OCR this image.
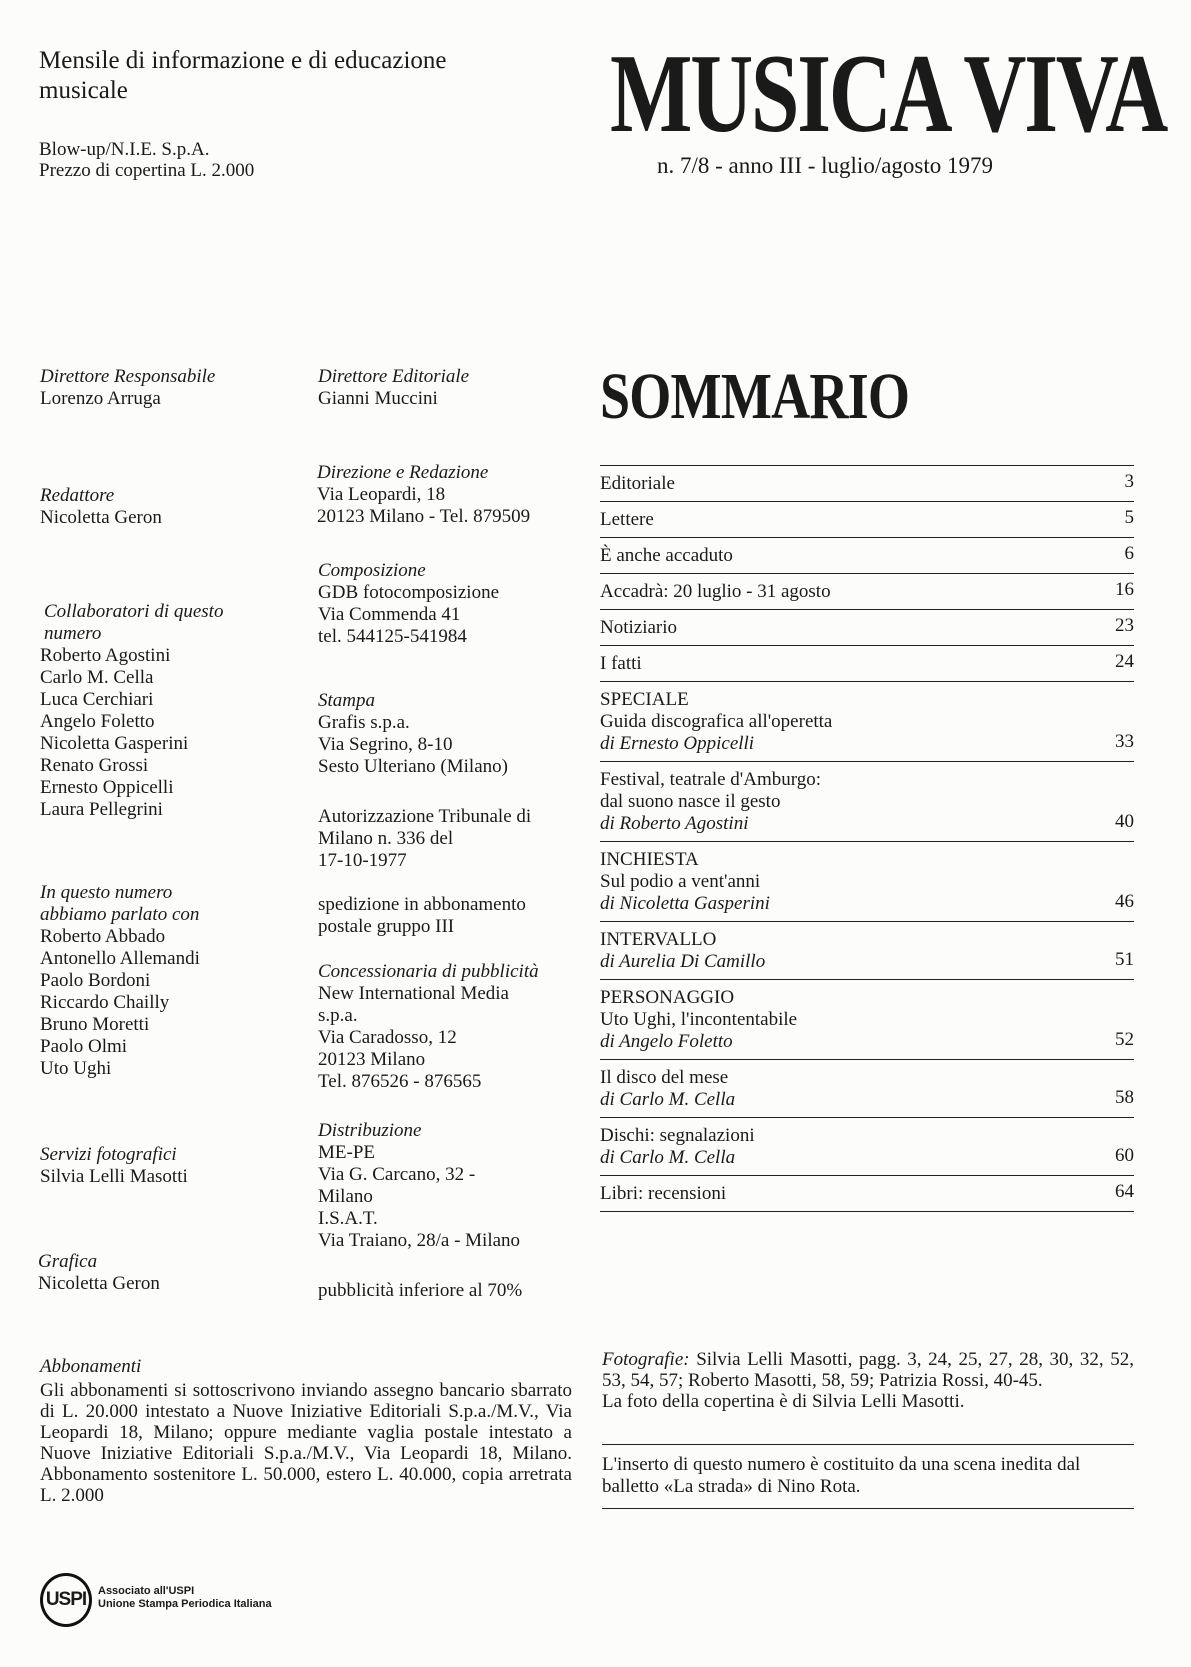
Mensile di informazione e di educazione
musicale
Blow-up/N.I.E. S.p.A.
Prezzo di copertina L. 2.000
MUSICA VIVA
n. 7/8 - anno III - luglio/agosto 1979
Direttore Responsabile
Lorenzo Arruga
Redattore
Nicoletta Geron
Collaboratori di questo
numero
Roberto Agostini
Carlo M. Cella
Luca Cerchiari
Angelo Foletto
Nicoletta Gasperini
Renato Grossi
Ernesto Oppicelli
Laura Pellegrini
In questo numero
abbiamo parlato con
Roberto Abbado
Antonello Allemandi
Paolo Bordoni
Riccardo Chailly
Bruno Moretti
Paolo Olmi
Uto Ughi
Servizi fotografici
Silvia Lelli Masotti
Grafica
Nicoletta Geron
Direttore Editoriale
Gianni Muccini
Direzione e Redazione
Via Leopardi, 18
20123 Milano - Tel. 879509
Composizione
GDB fotocomposizione
Via Commenda 41
tel. 544125-541984
Stampa
Grafis s.p.a.
Via Segrino, 8-10
Sesto Ulteriano (Milano)
Autorizzazione Tribunale di
Milano n. 336 del
17-10-1977
spedizione in abbonamento
postale gruppo III
Concessionaria di pubblicità
New International Media
s.p.a.
Via Caradosso, 12
20123 Milano
Tel. 876526 - 876565
Distribuzione
ME-PE
Via G. Carcano, 32 -
Milano
I.S.A.T.
Via Traiano, 28/a - Milano
pubblicità inferiore al 70%
SOMMARIO
Editoriale	3
Lettere	5
È anche accaduto	6
Accadrà: 20 luglio - 31 agosto	16
Notiziario	23
I fatti	24
SPECIALE
Guida discografica all'operetta
di Ernesto Oppicelli	33
Festival, teatrale d'Amburgo:
dal suono nasce il gesto
di Roberto Agostini	40
INCHIESTA
Sul podio a vent'anni
di Nicoletta Gasperini	46
INTERVALLO
di Aurelia Di Camillo	51
PERSONAGGIO
Uto Ughi, l'incontentabile
di Angelo Foletto	52
Il disco del mese
di Carlo M. Cella	58
Dischi: segnalazioni
di Carlo M. Cella	60
Libri: recensioni	64
Fotografie: Silvia Lelli Masotti, pagg. 3, 24, 25, 27, 28, 30, 32, 52, 53, 54, 57; Roberto Masotti, 58, 59; Patrizia Rossi, 40-45.
La foto della copertina è di Silvia Lelli Masotti.
L'inserto di questo numero è costituito da una scena inedita dal balletto «La strada» di Nino Rota.
Abbonamenti
Gli abbonamenti si sottoscrivono inviando assegno bancario sbarrato di L. 20.000 intestato a Nuove Iniziative Editoriali S.p.a./M.V., Via Leopardi 18, Milano; oppure mediante vaglia postale intestato a Nuove Iniziative Editoriali S.p.a./M.V., Via Leopardi 18, Milano. Abbonamento sostenitore L. 50.000, estero L. 40.000, copia arretrata L. 2.000
USPI	Associato all'USPI
Unione Stampa Periodica Italiana
